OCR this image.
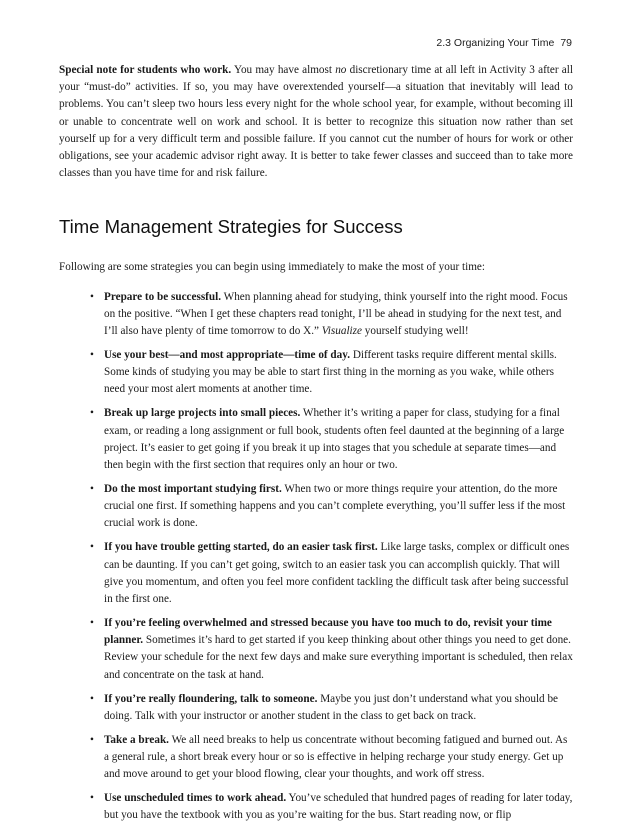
2.3 Organizing Your Time 79

Special note for students who work. You may have almost no discretionary time at all left in Activity 3 after all your “must-do” activities. If so, you may have overextended yourself—a situation that inevitably will lead to problems. You can’t sleep two hours less every night for the whole school year, for example, without becoming ill or unable to concentrate well on work and school. It is better to recognize this situation now rather than set yourself up for a very difficult term and possible failure. If you cannot cut the number of hours for work or other obligations, see your academic advisor right away. It is better to take fewer classes and succeed than to take more classes than you have time for and risk failure.

Time Management Strategies for Success

Following are some strategies you can begin using immediately to make the most of your time:

• Prepare to be successful. When planning ahead for studying, think yourself into the right mood. Focus on the positive. “When I get these chapters read tonight, I’ll be ahead in studying for the next test, and I’ll also have plenty of time tomorrow to do X.” Visualize yourself studying well!
• Use your best—and most appropriate—time of day. Different tasks require different mental skills. Some kinds of studying you may be able to start first thing in the morning as you wake, while others need your most alert moments at another time.
• Break up large projects into small pieces. Whether it’s writing a paper for class, studying for a final exam, or reading a long assignment or full book, students often feel daunted at the beginning of a large project. It’s easier to get going if you break it up into stages that you schedule at separate times—and then begin with the first section that requires only an hour or two.
• Do the most important studying first. When two or more things require your attention, do the more crucial one first. If something happens and you can’t complete everything, you’ll suffer less if the most crucial work is done.
• If you have trouble getting started, do an easier task first. Like large tasks, complex or difficult ones can be daunting. If you can’t get going, switch to an easier task you can accomplish quickly. That will give you momentum, and often you feel more confident tackling the difficult task after being successful in the first one.
• If you’re feeling overwhelmed and stressed because you have too much to do, revisit your time planner. Sometimes it’s hard to get started if you keep thinking about other things you need to get done. Review your schedule for the next few days and make sure everything important is scheduled, then relax and concentrate on the task at hand.
• If you’re really floundering, talk to someone. Maybe you just don’t understand what you should be doing. Talk with your instructor or another student in the class to get back on track.
• Take a break. We all need breaks to help us concentrate without becoming fatigued and burned out. As a general rule, a short break every hour or so is effective in helping recharge your study energy. Get up and move around to get your blood flowing, clear your thoughts, and work off stress.
• Use unscheduled times to work ahead. You’ve scheduled that hundred pages of reading for later today, but you have the textbook with you as you’re waiting for the bus. Start reading now, or flip
